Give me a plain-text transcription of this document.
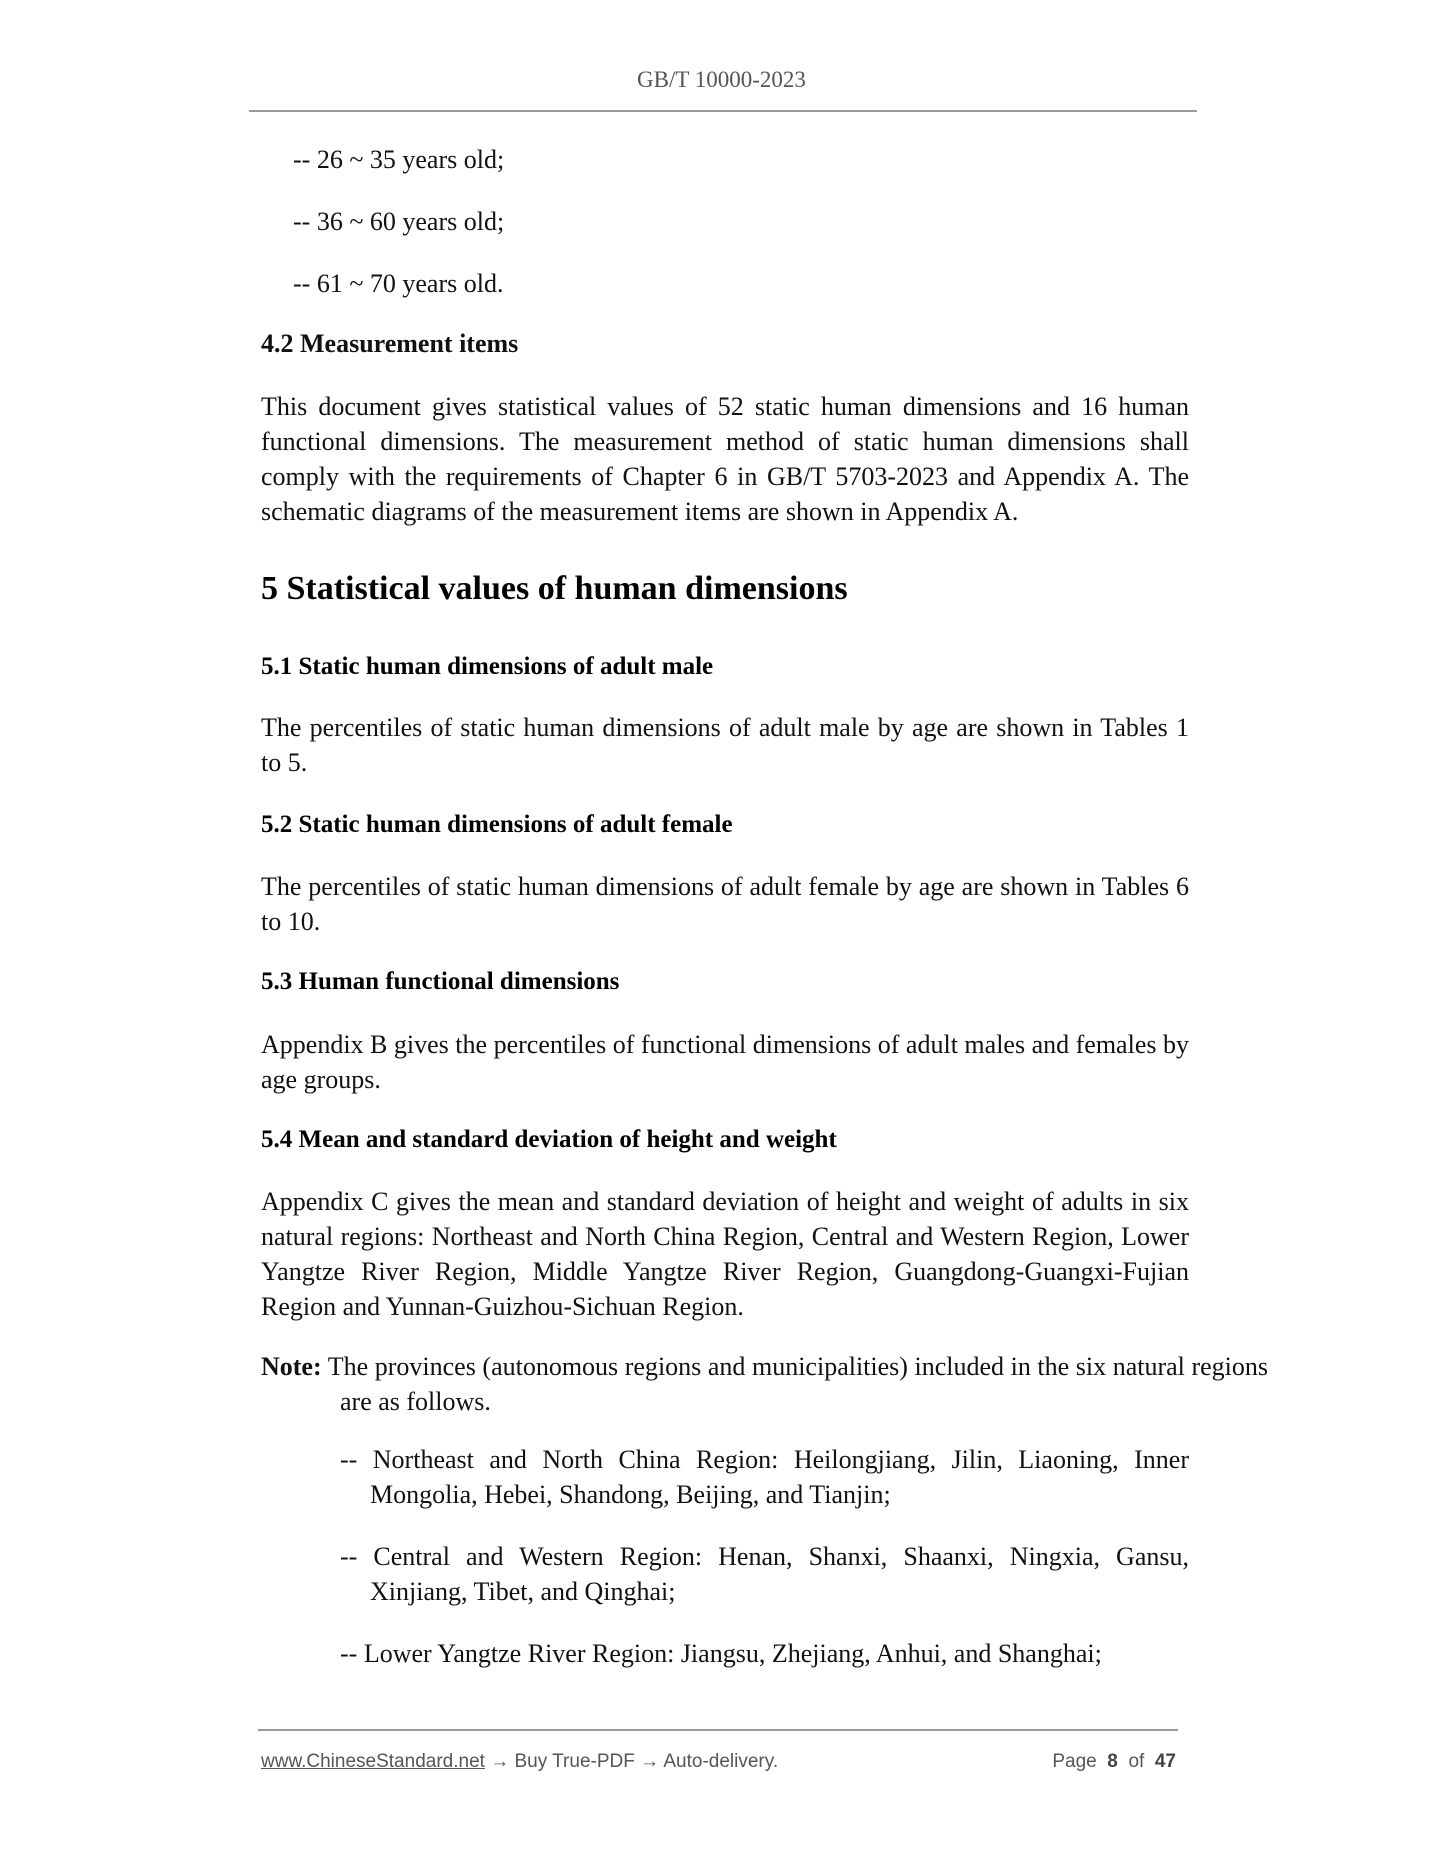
GB/T 10000-2023
-- 26 ~ 35 years old;
-- 36 ~ 60 years old;
-- 61 ~ 70 years old.
4.2 Measurement items
This document gives statistical values of 52 static human dimensions and 16 human functional dimensions. The measurement method of static human dimensions shall comply with the requirements of Chapter 6 in GB/T 5703-2023 and Appendix A. The schematic diagrams of the measurement items are shown in Appendix A.
5 Statistical values of human dimensions
5.1 Static human dimensions of adult male
The percentiles of static human dimensions of adult male by age are shown in Tables 1 to 5.
5.2 Static human dimensions of adult female
The percentiles of static human dimensions of adult female by age are shown in Tables 6 to 10.
5.3 Human functional dimensions
Appendix B gives the percentiles of functional dimensions of adult males and females by age groups.
5.4 Mean and standard deviation of height and weight
Appendix C gives the mean and standard deviation of height and weight of adults in six natural regions: Northeast and North China Region, Central and Western Region, Lower Yangtze River Region, Middle Yangtze River Region, Guangdong-Guangxi-Fujian Region and Yunnan-Guizhou-Sichuan Region.
Note: The provinces (autonomous regions and municipalities) included in the six natural regions are as follows.
-- Northeast and North China Region: Heilongjiang, Jilin, Liaoning, Inner Mongolia, Hebei, Shandong, Beijing, and Tianjin;
-- Central and Western Region: Henan, Shanxi, Shaanxi, Ningxia, Gansu, Xinjiang, Tibet, and Qinghai;
-- Lower Yangtze River Region: Jiangsu, Zhejiang, Anhui, and Shanghai;
www.ChineseStandard.net → Buy True-PDF → Auto-delivery.	Page 8 of 47
